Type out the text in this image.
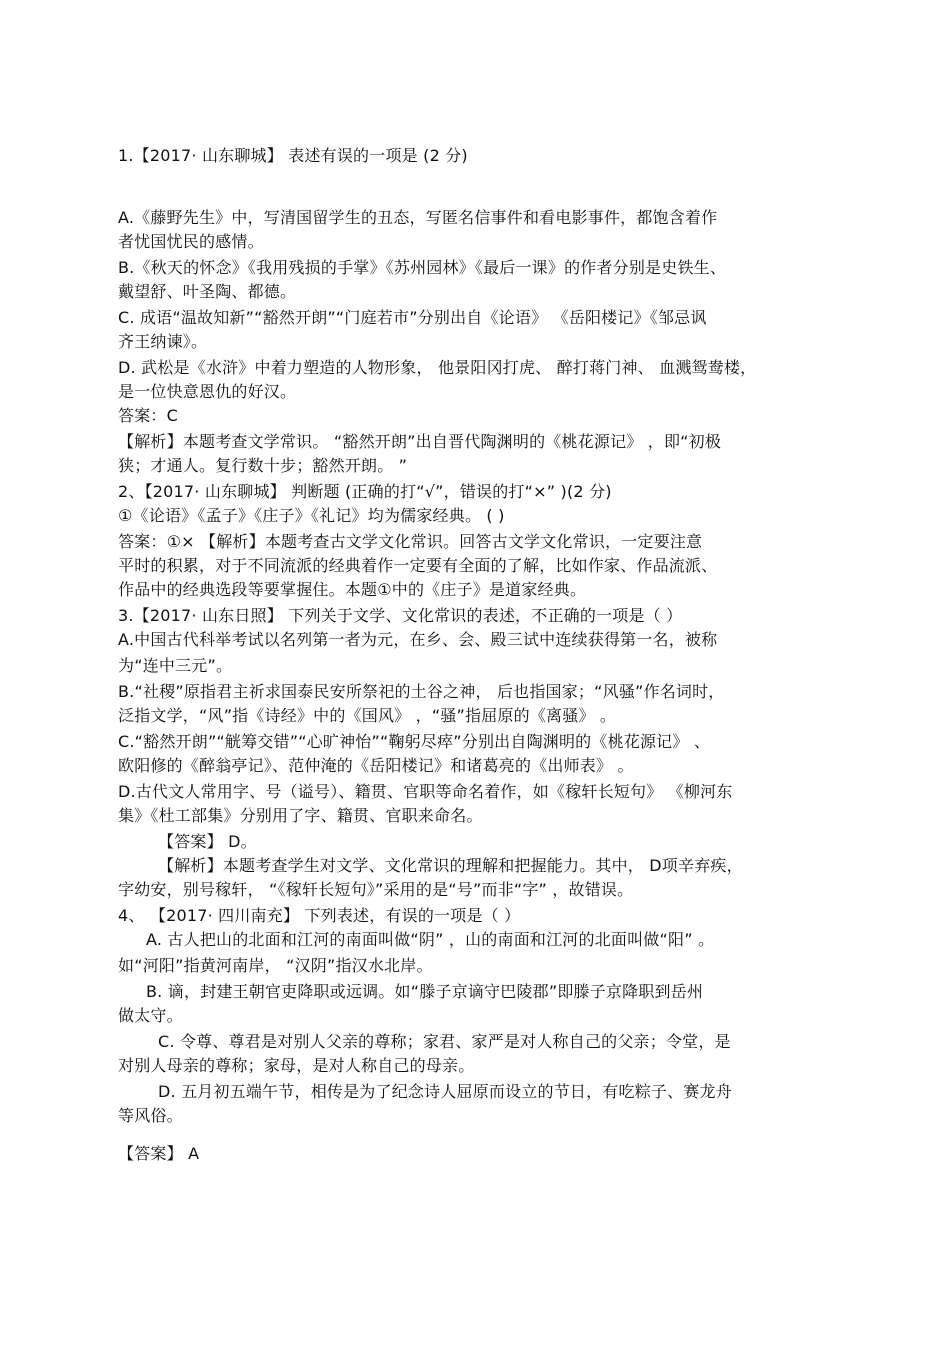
1.【2017· 山东聊城】 表述有误的一项是 (2 分)
A.《藤野先生》中，写清国留学生的丑态，写匿名信事件和看电影事件，都饱含着作
者忧国忧民的感情。
B.《秋天的怀念》《我用残损的手掌》《苏州园林》《最后一课》的作者分别是史铁生、
戴望舒、叶圣陶、都德。
C. 成语“温故知新”“豁然开朗”“门庭若市”分别出自《论语》 《岳阳楼记》《邹忌讽
齐王纳谏》。
D. 武松是《水浒》中着力塑造的人物形象， 他景阳冈打虎、 醉打蒋门神、 血溅鸳鸯楼，
是一位快意恩仇的好汉。
答案：C
【解析】本题考查文学常识。 “豁然开朗”出自晋代陶渊明的《桃花源记》 ，即“初极
狭；才通人。复行数十步；豁然开朗。 ”
2、【2017· 山东聊城】 判断题 (正确的打“√”，错误的打“×” )(2 分)
①《论语》《孟子》《庄子》《礼记》均为儒家经典。 ( )
答案：①× 【解析】本题考查古文学文化常识。回答古文学文化常识，一定要注意
平时的积累，对于不同流派的经典着作一定要有全面的了解，比如作家、作品流派、
作品中的经典选段等要掌握住。本题①中的《庄子》是道家经典。
3.【2017· 山东日照】 下列关于文学、文化常识的表述，不正确的一项是（ ）
A.中国古代科举考试以名列第一者为元，在乡、会、殿三试中连续获得第一名，被称
为“连中三元”。
B.“社稷”原指君主祈求国泰民安所祭祀的土谷之神， 后也指国家；“风骚”作名词时，
泛指文学，“风”指《诗经》中的《国风》 ，“骚”指屈原的《离骚》 。
C.“豁然开朗”“觥筹交错”“心旷神怡”“鞠躬尽瘁”分别出自陶渊明的《桃花源记》 、
欧阳修的《醉翁亭记》、范仲淹的《岳阳楼记》和诸葛亮的《出师表》 。
D.古代文人常用字、号（谥号）、籍贯、官职等命名着作，如《稼轩长短句》 《柳河东
集》《杜工部集》分别用了字、籍贯、官职来命名。
【答案】 D。
【解析】本题考查学生对文学、文化常识的理解和把握能力。其中， D项辛弃疾，
字幼安，别号稼轩， “《稼轩长短句》”采用的是“号”而非“字” ，故错误。
4、 【2017· 四川南充】 下列表述，有误的一项是（ ）
A. 古人把山的北面和江河的南面叫做“阴” ，山的南面和江河的北面叫做“阳” 。
如“河阳”指黄河南岸， “汉阴”指汉水北岸。
B. 谪，封建王朝官吏降职或远调。如“滕子京谪守巴陵郡”即滕子京降职到岳州
做太守。
C. 令尊、尊君是对别人父亲的尊称；家君、家严是对人称自己的父亲；令堂，是
对别人母亲的尊称；家母，是对人称自己的母亲。
D. 五月初五端午节，相传是为了纪念诗人屈原而设立的节日，有吃粽子、赛龙舟
等风俗。
【答案】 A
